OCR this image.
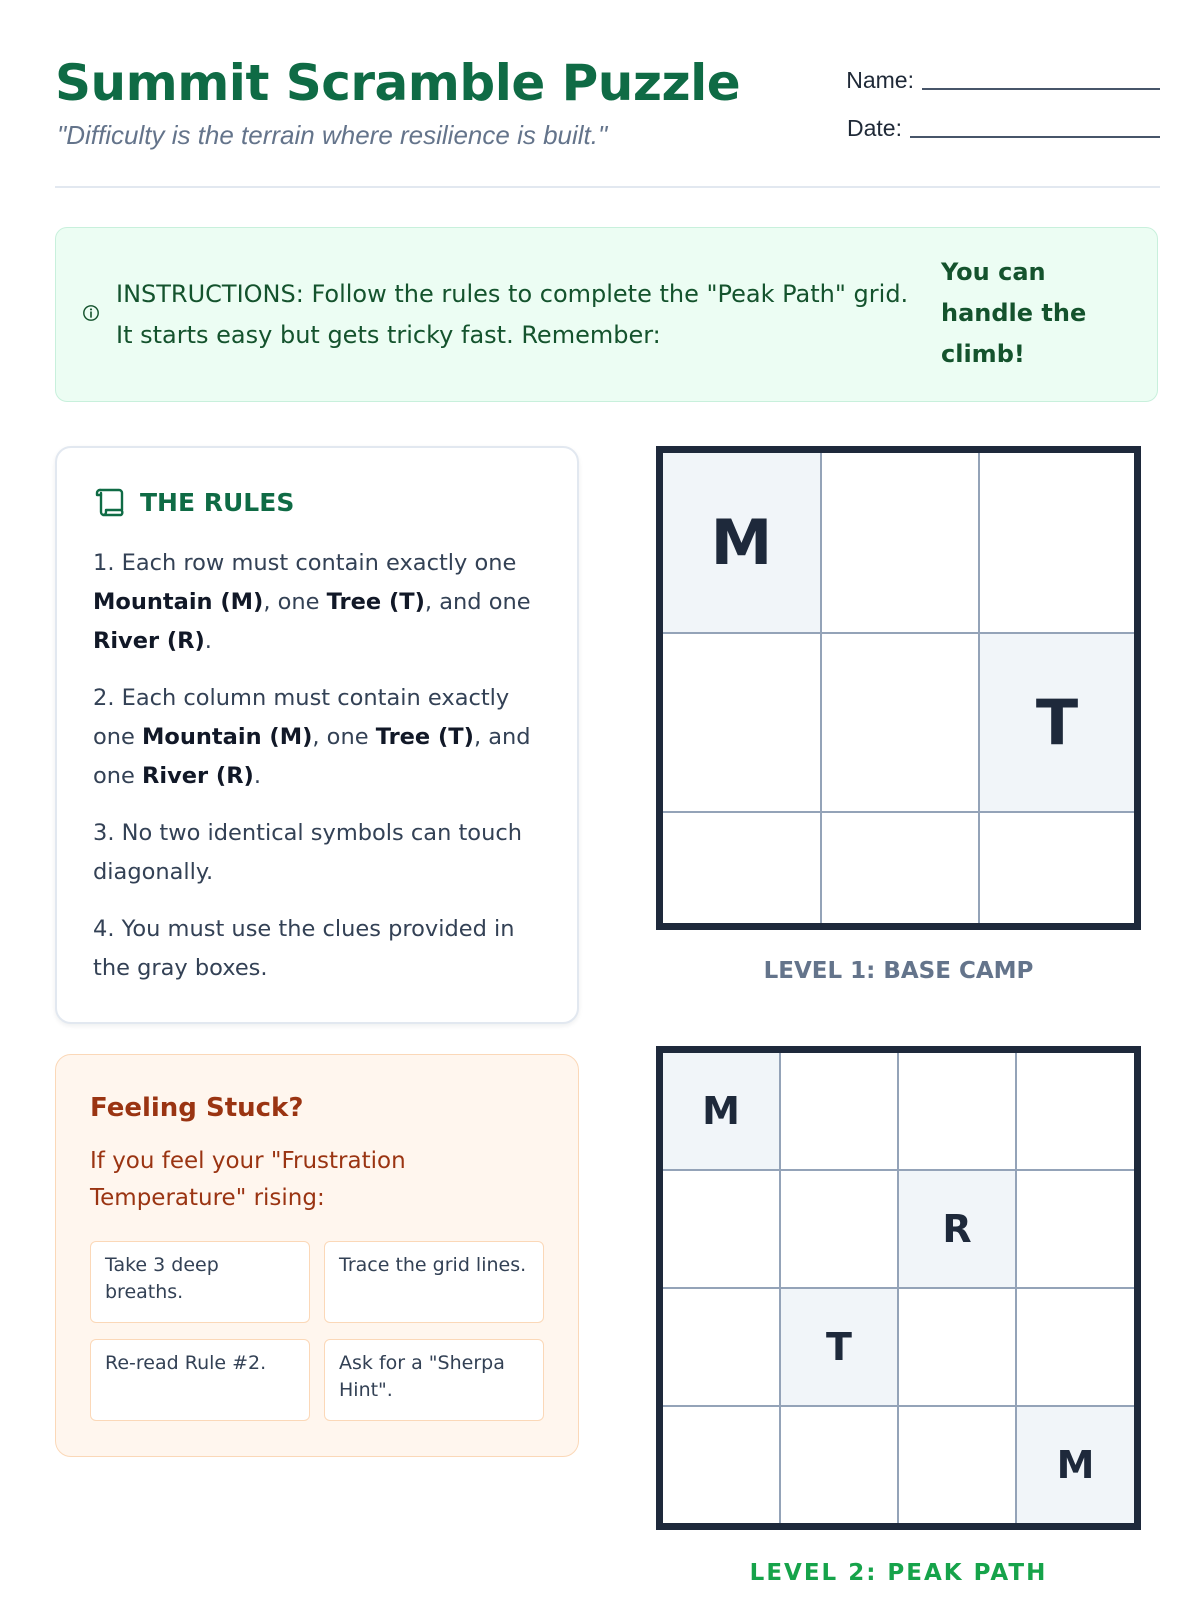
Summit Scramble Puzzle
"Difficulty is the terrain where resilience is built."
Name:
Date:
INSTRUCTIONS: Follow the rules to complete the "Peak Path" grid. It starts easy but gets tricky fast. Remember:
You can handle the climb!
THE RULES
1. Each row must contain exactly one Mountain (M), one Tree (T), and one River (R).
2. Each column must contain exactly one Mountain (M), one Tree (T), and one River (R).
3. No two identical symbols can touch diagonally.
4. You must use the clues provided in the gray boxes.
Feeling Stuck?
If you feel your "Frustration Temperature" rising:
Take 3 deep breaths.
Trace the grid lines.
Re-read Rule #2.	Ask for a "Sherpa Hint".
M
T
LEVEL 1: BASE CAMP
M
R
T
M
LEVEL 2: PEAK PATH
